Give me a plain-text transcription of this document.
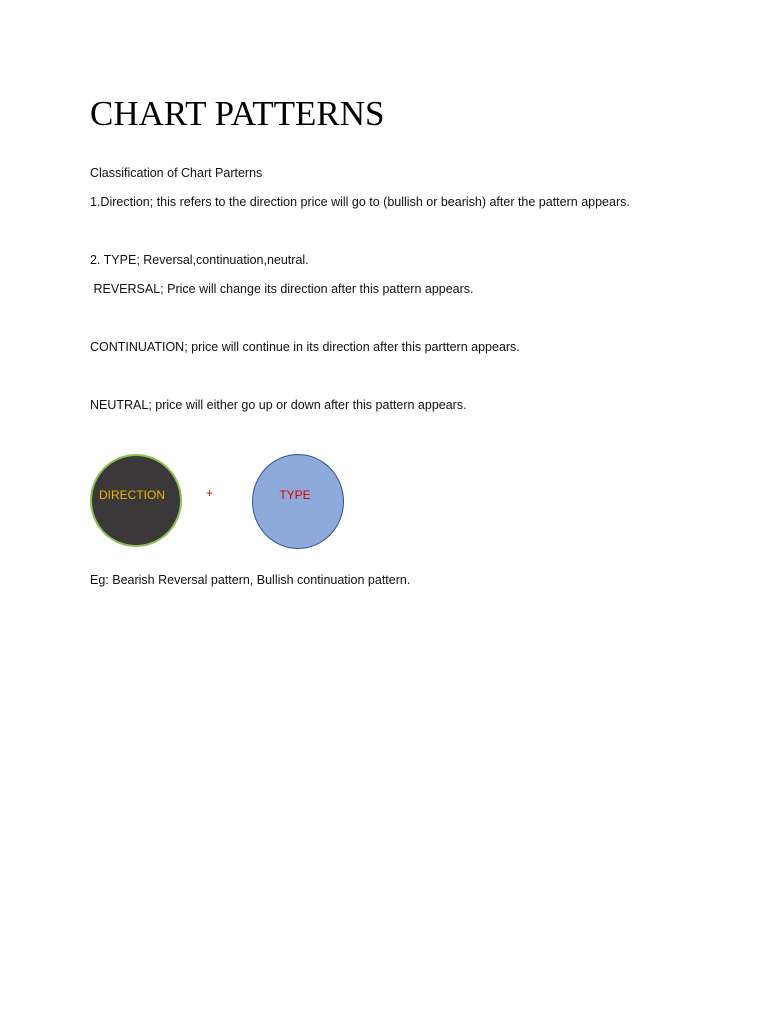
CHART PATTERNS

Classification of Chart Parterns

1.Direction; this refers to the direction price will go to (bullish or bearish) after the pattern appears.

2. TYPE; Reversal,continuation,neutral.

REVERSAL; Price will change its direction after this pattern appears.

CONTINUATION; price will continue in its direction after this parttern appears.

NEUTRAL; price will either go up or down after this pattern appears.

DIRECTION	+	TYPE

Eg: Bearish Reversal pattern, Bullish continuation pattern.
